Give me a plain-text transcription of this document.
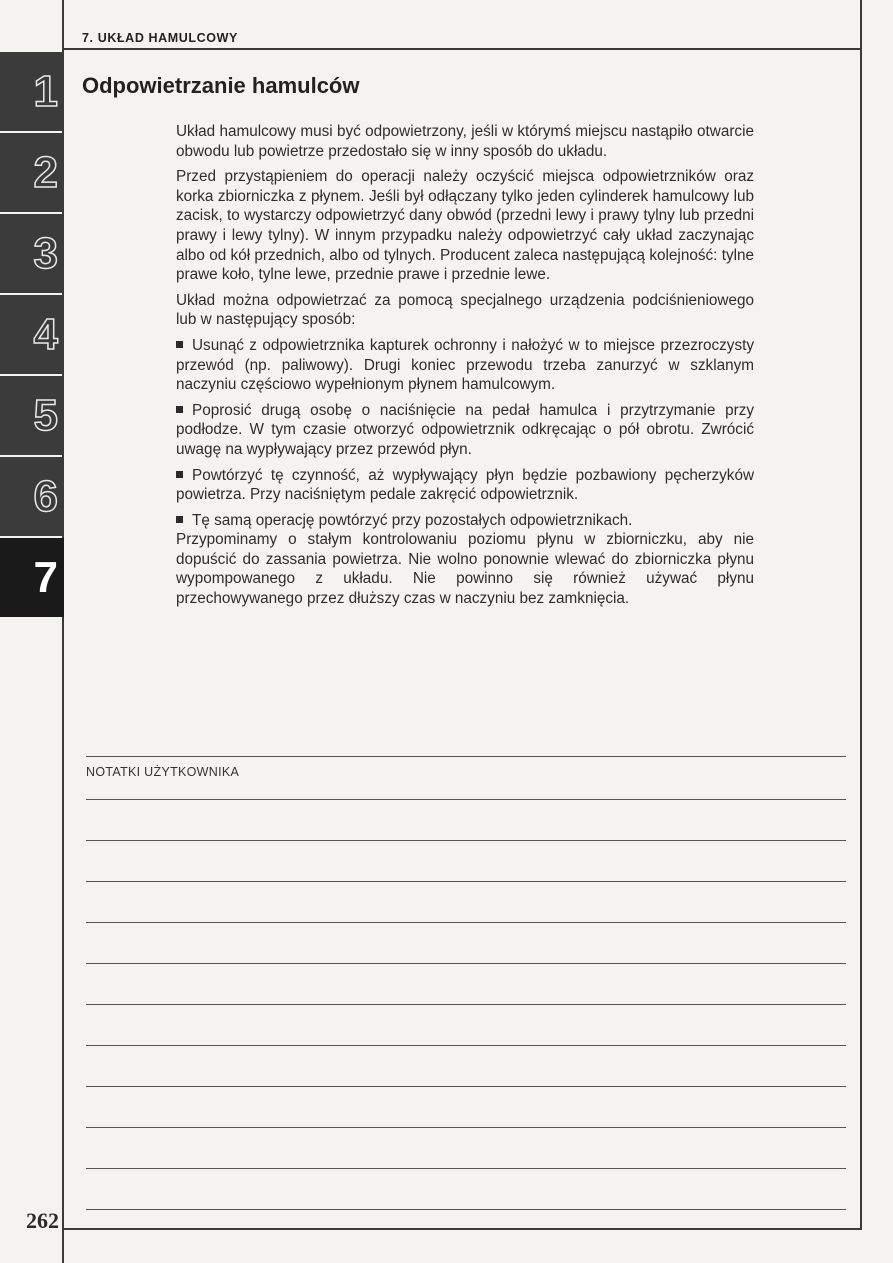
7. UKŁAD HAMULCOWY
1
2
3
4
5
6
7
Odpowietrzanie hamulców

Układ hamulcowy musi być odpowietrzony, jeśli w którymś miejscu nastąpiło otwarcie obwodu lub powietrze przedostało się w inny sposób do układu.

Przed przystąpieniem do operacji należy oczyścić miejsca odpowietrzników oraz korka zbiorniczka z płynem. Jeśli był odłączany tylko jeden cylinderek hamulcowy lub zacisk, to wystarczy odpowietrzyć dany obwód (przedni lewy i prawy tylny lub przedni prawy i lewy tylny). W innym przypadku należy odpowietrzyć cały układ zaczynając albo od kół przednich, albo od tylnych. Producent zaleca następującą kolejność: tylne prawe koło, tylne lewe, przednie prawe i przednie lewe.

Układ można odpowietrzać za pomocą specjalnego urządzenia podciśnieniowego lub w następujący sposób:

Usunąć z odpowietrznika kapturek ochronny i nałożyć w to miejsce przezroczysty przewód (np. paliwowy). Drugi koniec przewodu trzeba zanurzyć w szklanym naczyniu częściowo wypełnionym płynem hamulcowym.

Poprosić drugą osobę o naciśnięcie na pedał hamulca i przytrzymanie przy podłodze. W tym czasie otworzyć odpowietrznik odkręcając o pół obrotu. Zwrócić uwagę na wypływający przez przewód płyn.

Powtórzyć tę czynność, aż wypływający płyn będzie pozbawiony pęcherzyków powietrza. Przy naciśniętym pedale zakręcić odpowietrznik.

Tę samą operację powtórzyć przy pozostałych odpowietrznikach.

Przypominamy o stałym kontrolowaniu poziomu płynu w zbiorniczku, aby nie dopuścić do zassania powietrza. Nie wolno ponownie wlewać do zbiorniczka płynu wypompowanego z układu. Nie powinno się również używać płynu przechowywanego przez dłuższy czas w naczyniu bez zamknięcia.

NOTATKI UŻYTKOWNIKA
262
